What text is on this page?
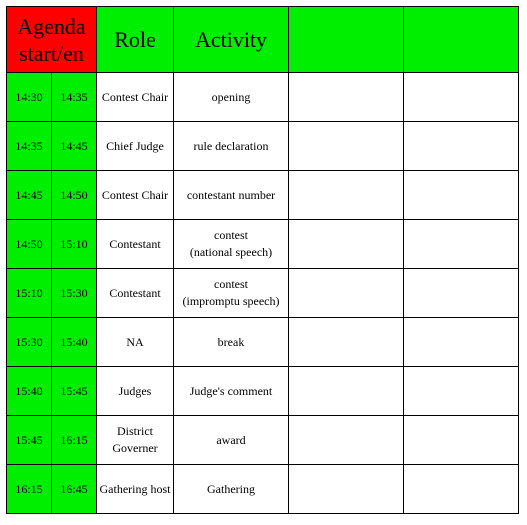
Agenda
start/en		Role	Activity		
14:30	14:35	Contest Chair	opening		
14:35	14:45	Chief Judge	rule declaration		
14:45	14:50	Contest Chair	contestant number		
14:50	15:10	Contestant	contest
(national speech)		
15:10	15:30	Contestant	contest
(impromptu speech)		
15:30	15:40	NA	break		
15:40	15:45	Judges	Judge's comment		
15:45	16:15	District
Governer	award		
16:15	16:45	Gathering host	Gathering		
